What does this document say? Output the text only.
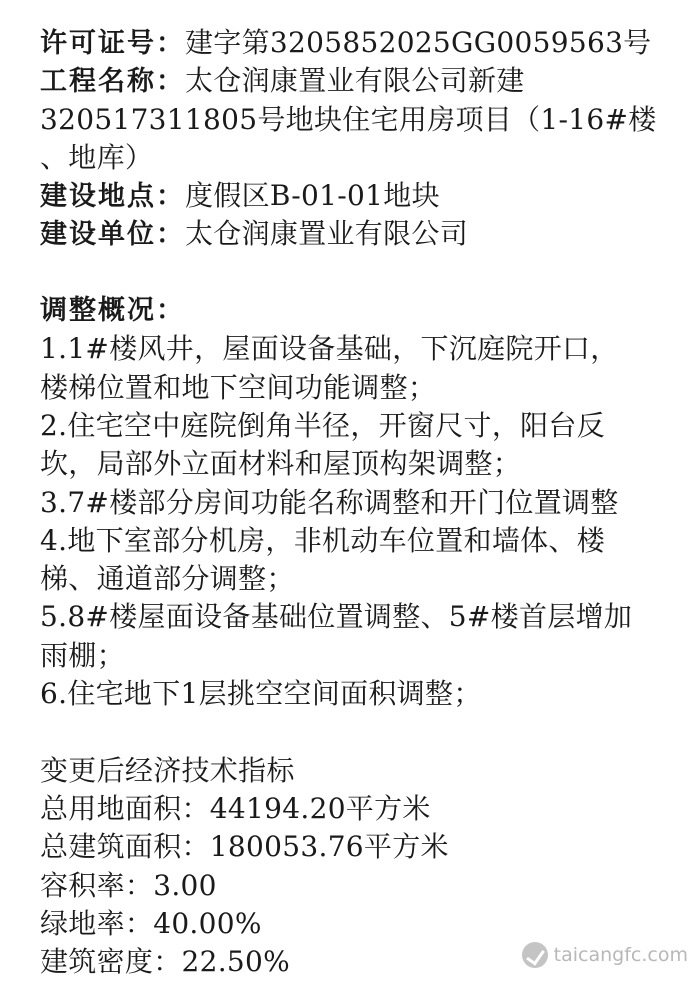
许可证号：建字第3205852025GG0059563号
工程名称：太仓润康置业有限公司新建
320517311805号地块住宅用房项目（1-16#楼
、地库）
建设地点：度假区B-01-01地块
建设单位：太仓润康置业有限公司
调整概况：
1.1#楼风井，屋面设备基础，下沉庭院开口，
楼梯位置和地下空间功能调整；
2.住宅空中庭院倒角半径，开窗尺寸，阳台反
坎，局部外立面材料和屋顶构架调整；
3.7#楼部分房间功能名称调整和开门位置调整
4.地下室部分机房，非机动车位置和墙体、楼
梯、通道部分调整；
5.8#楼屋面设备基础位置调整、5#楼首层增加
雨棚；
6.住宅地下1层挑空空间面积调整；
变更后经济技术指标
总用地面积：44194.20平方米
总建筑面积：180053.76平方米
容积率：3.00
绿地率：40.00%
建筑密度：22.50%	taicangfc.com
